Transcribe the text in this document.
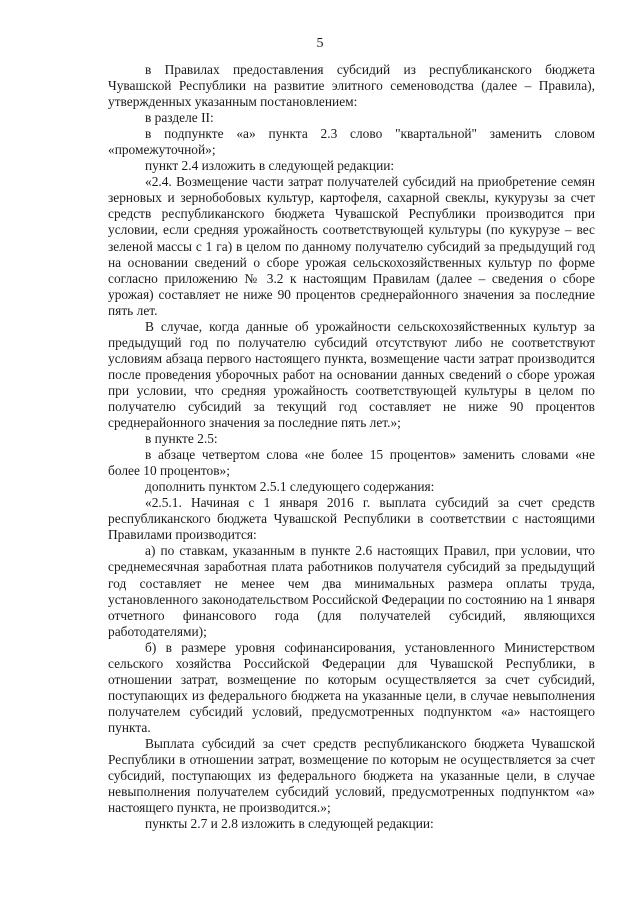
5

в Правилах предоставления субсидий из республиканского бюджета Чувашской Республики на развитие элитного семеноводства (далее – Правила), утвержденных указанным постановлением:

в разделе II:

в подпункте «а» пункта 2.3 слово "квартальной" заменить словом «промежуточной»;

пункт 2.4 изложить в следующей редакции:

«2.4. Возмещение части затрат получателей субсидий на приобретение семян зерновых и зернобобовых культур, картофеля, сахарной свеклы, кукурузы за счет средств республиканского бюджета Чувашской Республики производится при условии, если средняя урожайность соответствующей культуры (по кукурузе – вес зеленой массы с 1 га) в целом по данному получателю субсидий за предыдущий год на основании сведений о сборе урожая сельскохозяйственных культур по форме согласно приложению № 3.2 к настоящим Правилам (далее – сведения о сборе урожая) составляет не ниже 90 процентов среднерайонного значения за последние пять лет.

В случае, когда данные об урожайности сельскохозяйственных культур за предыдущий год по получателю субсидий отсутствуют либо не соответствуют условиям абзаца первого настоящего пункта, возмещение части затрат производится после проведения уборочных работ на основании данных сведений о сборе урожая при условии, что средняя урожайность соответствующей культуры в целом по получателю субсидий за текущий год составляет не ниже 90 процентов среднерайонного значения за последние пять лет.»;

в пункте 2.5:

в абзаце четвертом слова «не более 15 процентов» заменить словами «не более 10 процентов»;

дополнить пунктом 2.5.1 следующего содержания:

«2.5.1. Начиная с 1 января 2016 г. выплата субсидий за счет средств республиканского бюджета Чувашской Республики в соответствии с настоящими Правилами производится:

а) по ставкам, указанным в пункте 2.6 настоящих Правил, при условии, что среднемесячная заработная плата работников получателя субсидий за предыдущий год составляет не менее чем два минимальных размера оплаты труда, установленного законодательством Российской Федерации по состоянию на 1 января отчетного финансового года (для получателей субсидий, являющихся работодателями);

б) в размере уровня софинансирования, установленного Министерством сельского хозяйства Российской Федерации для Чувашской Республики, в отношении затрат, возмещение по которым осуществляется за счет субсидий, поступающих из федерального бюджета на указанные цели, в случае невыполнения получателем субсидий условий, предусмотренных подпунктом «а» настоящего пункта.

Выплата субсидий за счет средств республиканского бюджета Чувашской Республики в отношении затрат, возмещение по которым не осуществляется за счет субсидий, поступающих из федерального бюджета на указанные цели, в случае невыполнения получателем субсидий условий, предусмотренных подпунктом «а» настоящего пункта, не производится.»;

пункты 2.7 и 2.8 изложить в следующей редакции:
